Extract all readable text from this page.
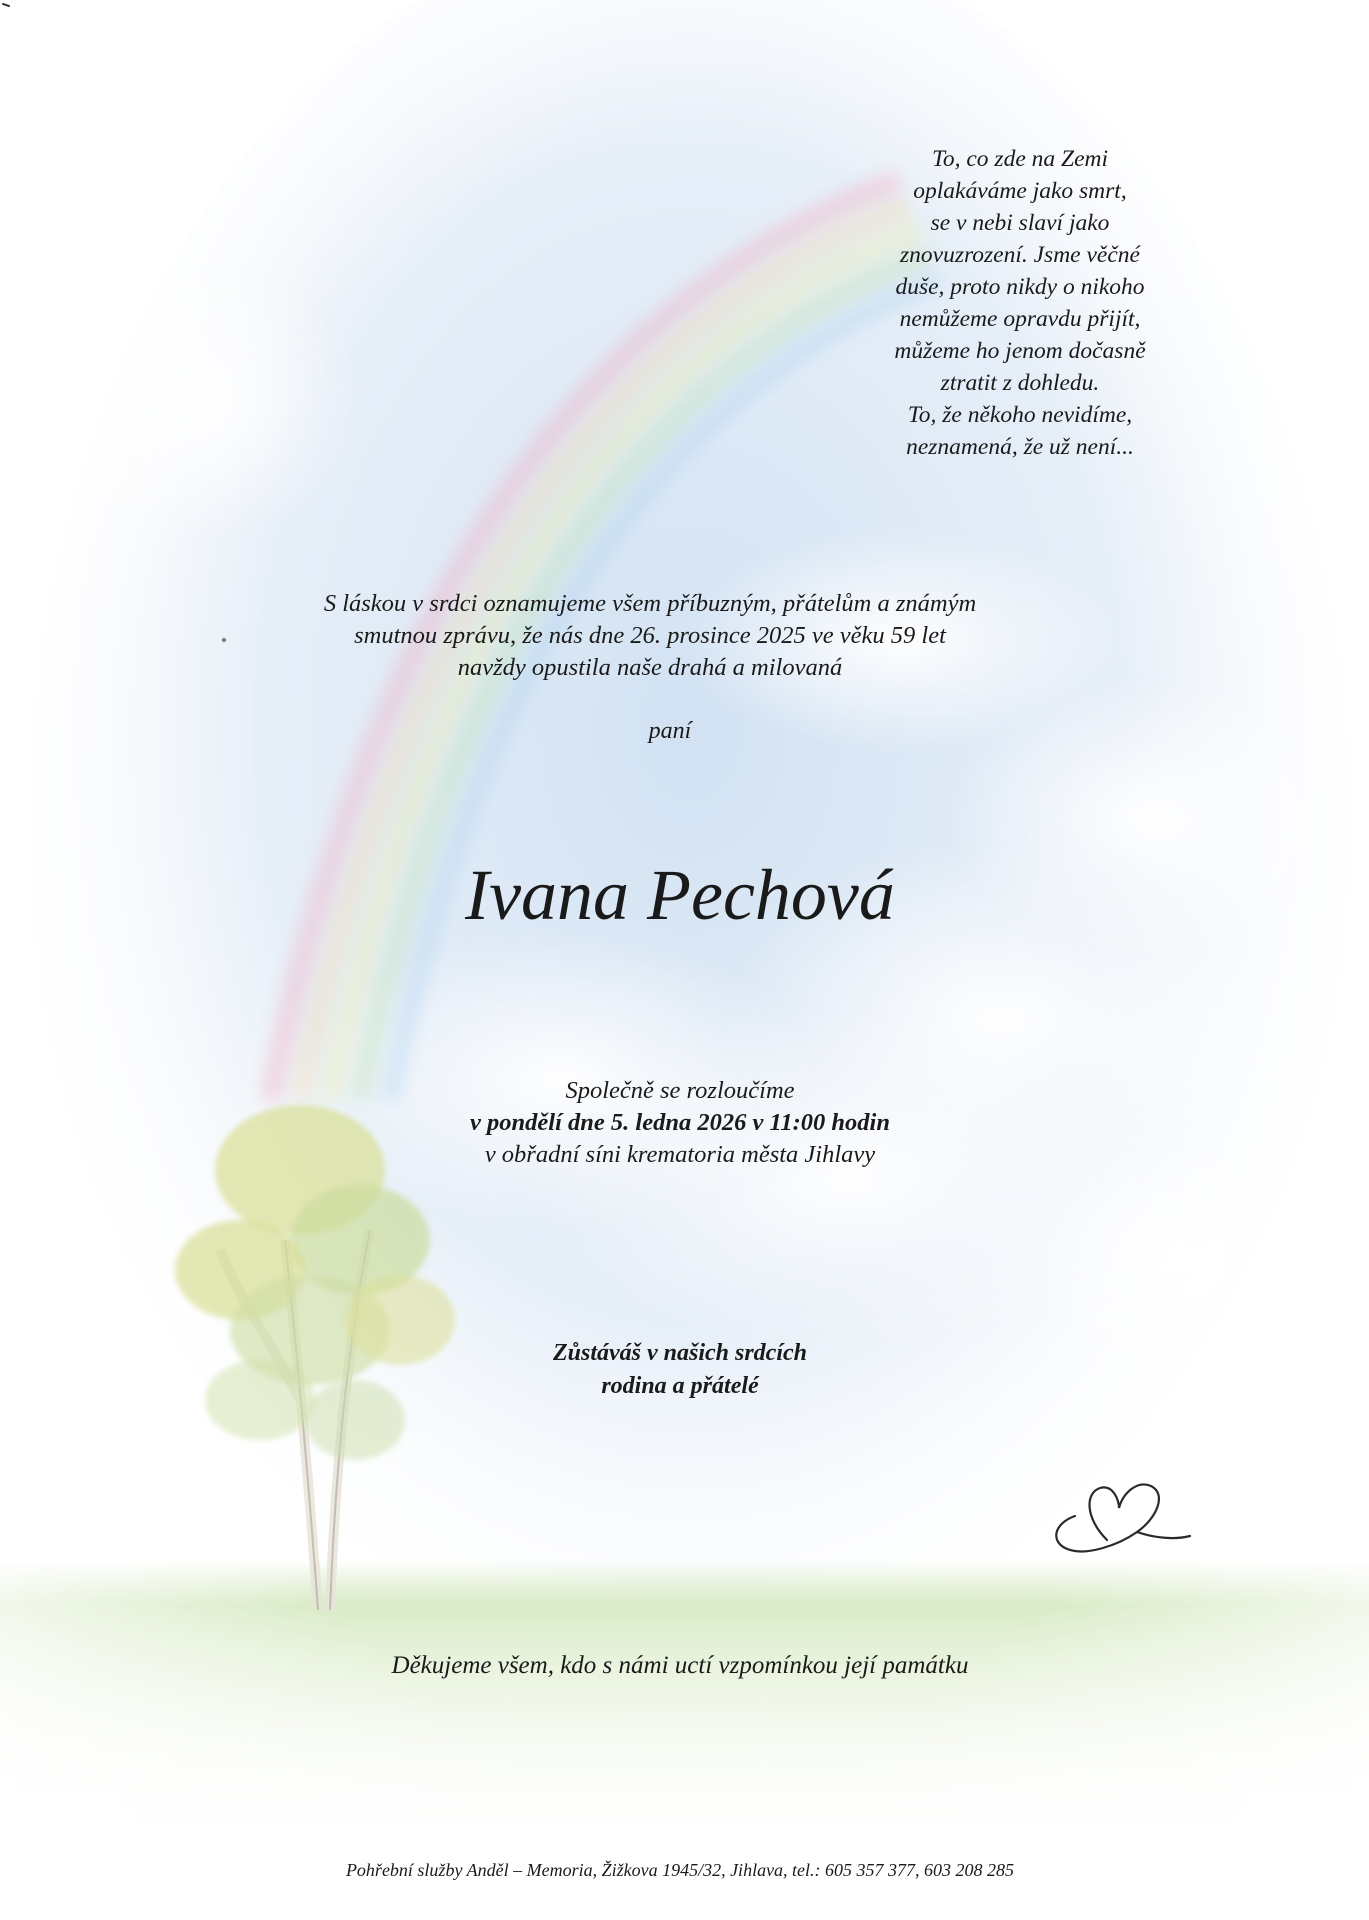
To, co zde na Zemi
oplakáváme jako smrt,
se v nebi slaví jako
znovuzrození. Jsme věčné
duše, proto nikdy o nikoho
nemůžeme opravdu přijít,
můžeme ho jenom dočasně
ztratit z dohledu.
To, že někoho nevidíme,
neznamená, že už není...
S láskou v srdci oznamujeme všem příbuzným, přátelům a známým
smutnou zprávu, že nás dne 26. prosince 2025 ve věku 59 let
navždy opustila naše drahá a milovaná
paní
Ivana Pechová
Společně se rozloučíme
v pondělí dne 5. ledna 2026 v 11:00 hodin
v obřadní síni krematoria města Jihlavy
Zůstáváš v našich srdcích
rodina a přátelé
Děkujeme všem, kdo s námi uctí vzpomínkou její památku
Pohřební služby Anděl – Memoria, Žižkova 1945/32, Jihlava, tel.: 605 357 377, 603 208 285
